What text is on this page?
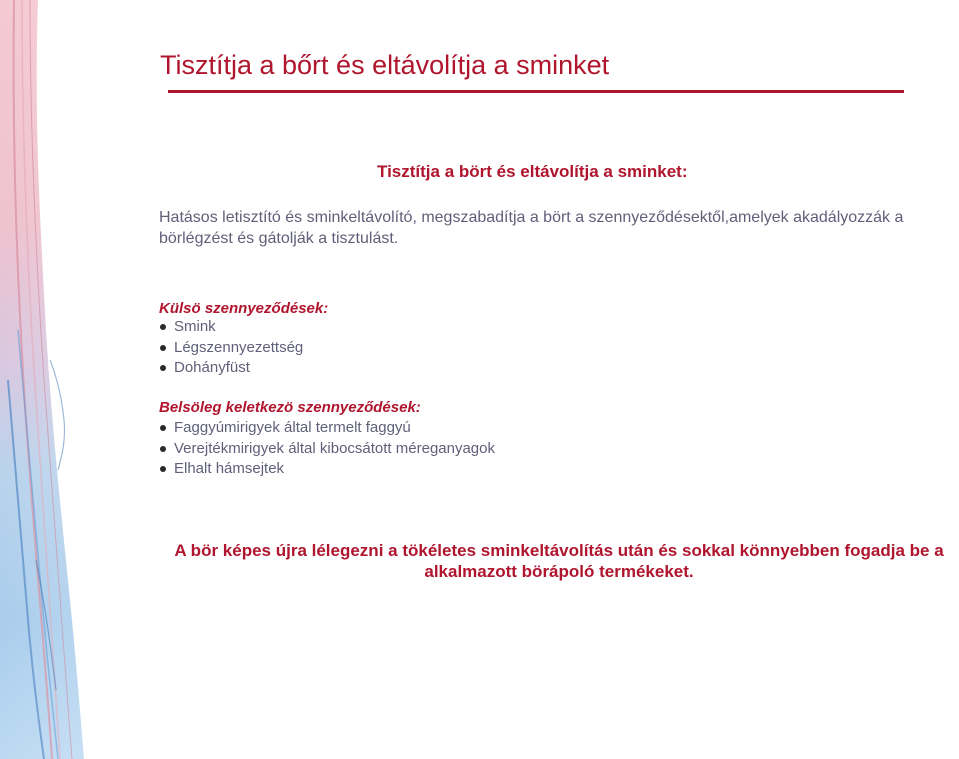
Tisztítja a bőrt és eltávolítja a sminket
Tisztítja a bört és eltávolítja a sminket:

Hatásos letisztító és sminkeltávolító, megszabadítja a bört a szennyeződésektől,amelyek akadályozzák a börlégzést és gátolják a tisztulást.

Külsö szennyeződések:
Smink
Légszennyezettség
Dohányfüst
Belsöleg keletkezö szennyeződések:
Faggyúmirigyek által termelt faggyú
Verejtékmirigyek által kibocsátott méreganyagok
Elhalt hámsejtek

A bör képes újra lélegezni a tökéletes sminkeltávolítás után és sokkal könnyebben fogadja be a alkalmazott börápoló termékeket.
